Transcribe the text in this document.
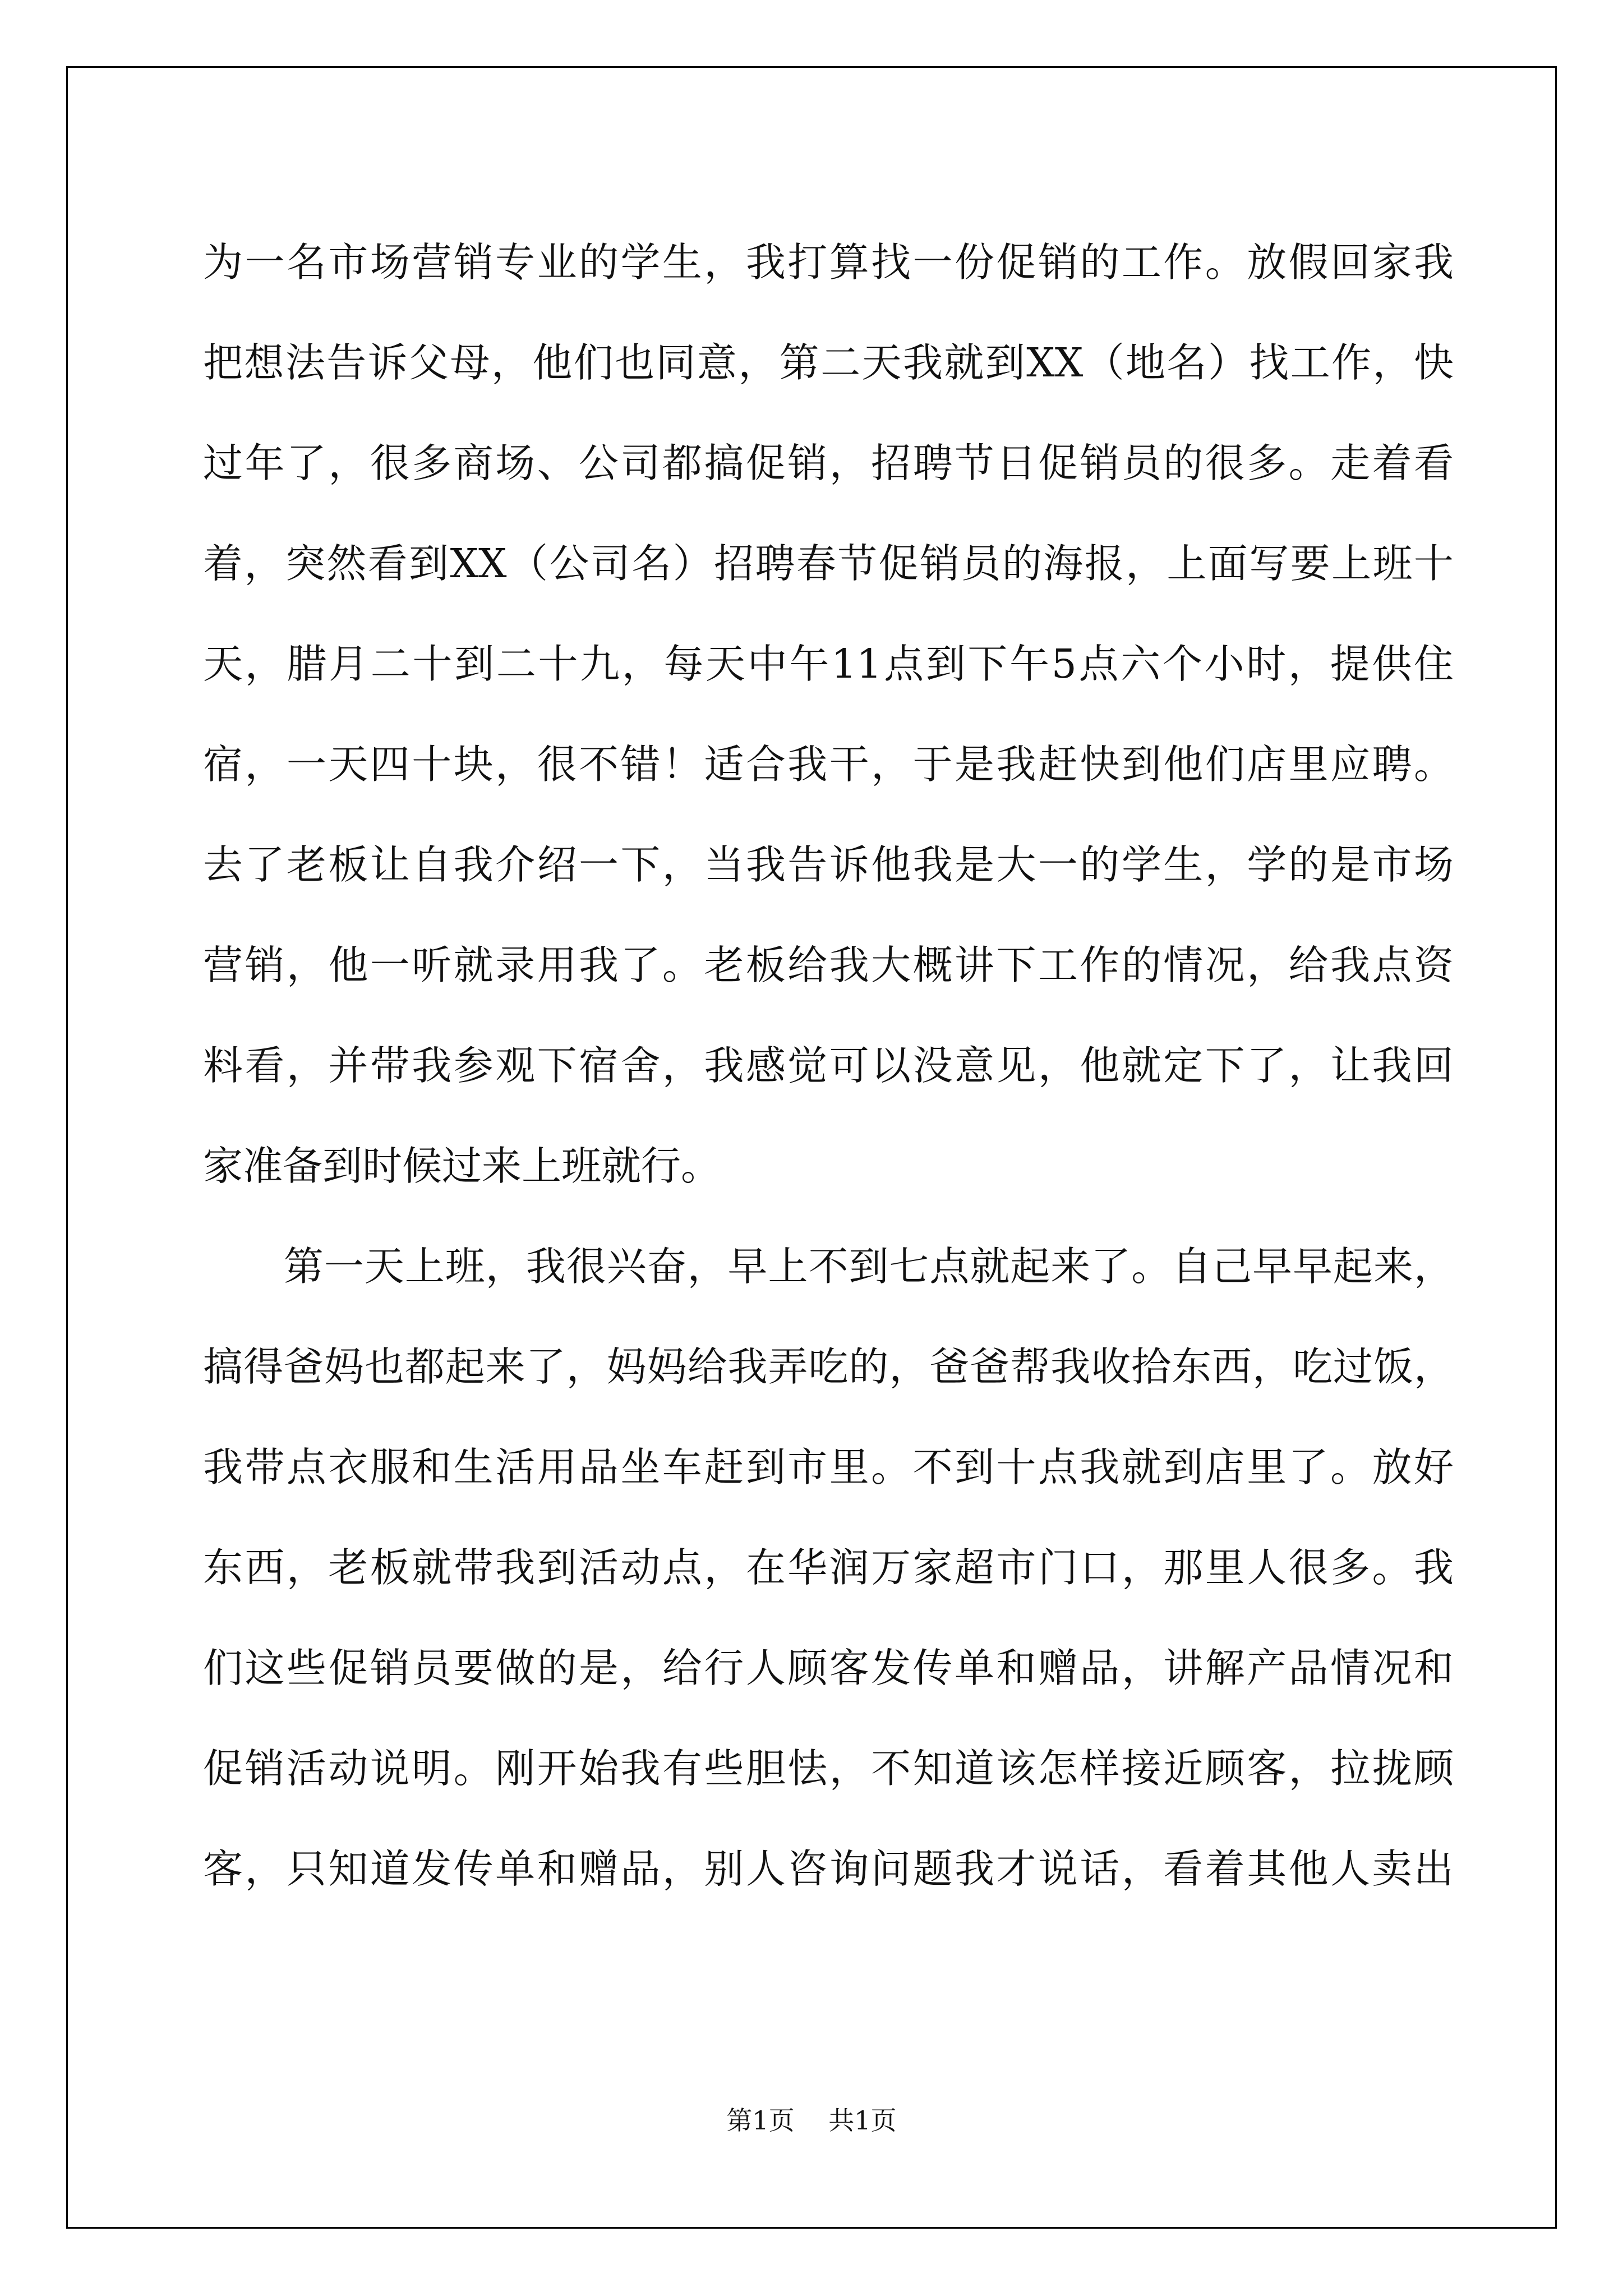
为一名市场营销专业的学生，我打算找一份促销的工作。放假回家我
把想法告诉父母，他们也同意，第二天我就到XX（地名）找工作，快
过年了，很多商场、公司都搞促销，招聘节日促销员的很多。走着看
着，突然看到XX（公司名）招聘春节促销员的海报，上面写要上班十
天，腊月二十到二十九，每天中午11点到下午5点六个小时，提供住
宿，一天四十块，很不错！适合我干，于是我赶快到他们店里应聘。
去了老板让自我介绍一下，当我告诉他我是大一的学生，学的是市场
营销，他一听就录用我了。老板给我大概讲下工作的情况，给我点资
料看，并带我参观下宿舍，我感觉可以没意见，他就定下了，让我回
家准备到时候过来上班就行。
　　第一天上班，我很兴奋，早上不到七点就起来了。自己早早起来，
搞得爸妈也都起来了，妈妈给我弄吃的，爸爸帮我收拾东西，吃过饭，
我带点衣服和生活用品坐车赶到市里。不到十点我就到店里了。放好
东西，老板就带我到活动点，在华润万家超市门口，那里人很多。我
们这些促销员要做的是，给行人顾客发传单和赠品，讲解产品情况和
促销活动说明。刚开始我有些胆怯，不知道该怎样接近顾客，拉拢顾
客，只知道发传单和赠品，别人咨询问题我才说话，看着其他人卖出
第1页　 共1页
